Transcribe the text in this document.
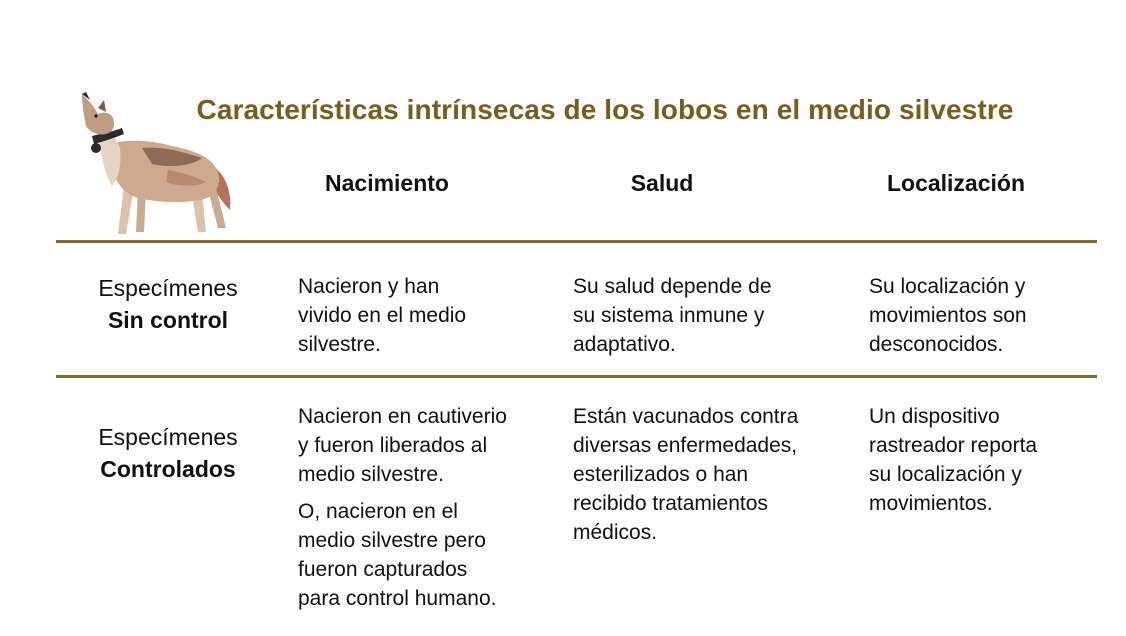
Características intrínsecas de los lobos en el medio silvestre
Nacimiento	Salud	Localización
Especímenes
Sin control

Nacieron y han
vivido en el medio
silvestre.

Su salud depende de
su sistema inmune y
adaptativo.

Su localización y
movimientos son
desconocidos.

Especímenes
Controlados

Nacieron en cautiverio
y fueron liberados al
medio silvestre.

O, nacieron en el
medio silvestre pero
fueron capturados
para control humano.

Están vacunados contra
diversas enfermedades,
esterilizados o han
recibido tratamientos
médicos.

Un dispositivo
rastreador reporta
su localización y
movimientos.
